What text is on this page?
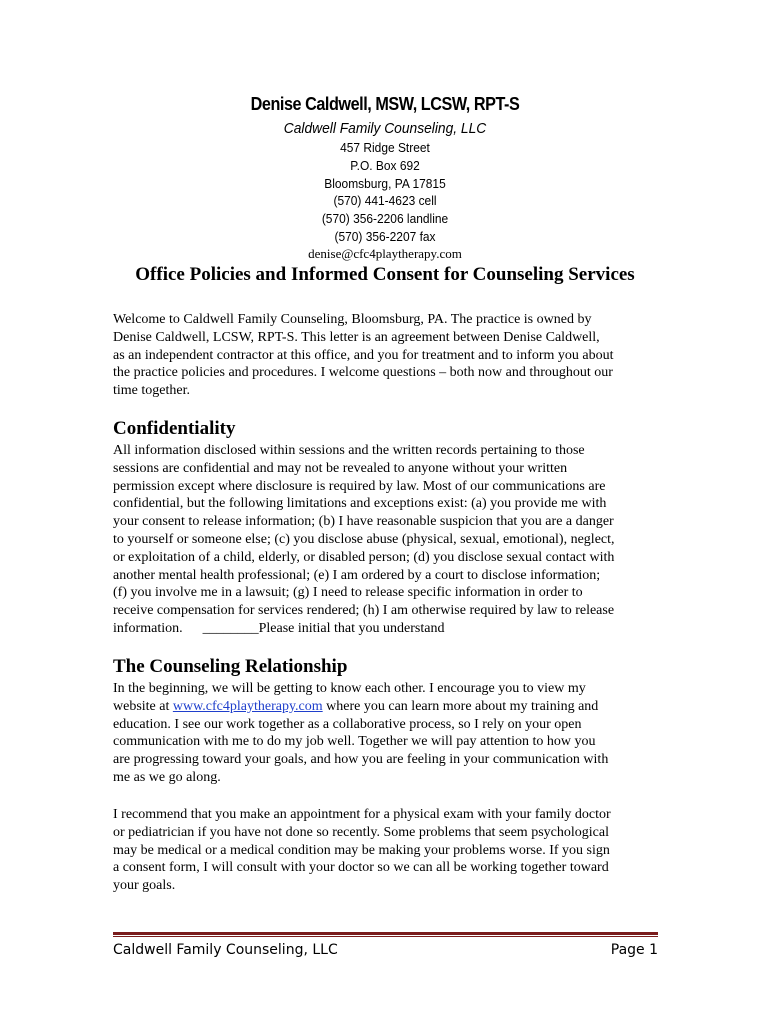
Denise Caldwell, MSW, LCSW, RPT-S
Caldwell Family Counseling, LLC
457 Ridge Street
P.O. Box 692
Bloomsburg, PA 17815
(570) 441-4623 cell
(570) 356-2206 landline
(570) 356-2207 fax
denise@cfc4playtherapy.com
Office Policies and Informed Consent for Counseling Services
Welcome to Caldwell Family Counseling, Bloomsburg, PA. The practice is owned by
Denise Caldwell, LCSW, RPT-S. This letter is an agreement between Denise Caldwell,
as an independent contractor at this office, and you for treatment and to inform you about
the practice policies and procedures. I welcome questions – both now and throughout our
time together.
Confidentiality
All information disclosed within sessions and the written records pertaining to those
sessions are confidential and may not be revealed to anyone without your written
permission except where disclosure is required by law. Most of our communications are
confidential, but the following limitations and exceptions exist: (a) you provide me with
your consent to release information; (b) I have reasonable suspicion that you are a danger
to yourself or someone else; (c) you disclose abuse (physical, sexual, emotional), neglect,
or exploitation of a child, elderly, or disabled person; (d) you disclose sexual contact with
another mental health professional; (e) I am ordered by a court to disclose information;
(f) you involve me in a lawsuit; (g) I need to release specific information in order to
receive compensation for services rendered; (h) I am otherwise required by law to release
information. ________Please initial that you understand
The Counseling Relationship
In the beginning, we will be getting to know each other. I encourage you to view my
website at www.cfc4playtherapy.com where you can learn more about my training and
education. I see our work together as a collaborative process, so I rely on your open
communication with me to do my job well. Together we will pay attention to how you
are progressing toward your goals, and how you are feeling in your communication with
me as we go along.
I recommend that you make an appointment for a physical exam with your family doctor
or pediatrician if you have not done so recently. Some problems that seem psychological
may be medical or a medical condition may be making your problems worse. If you sign
a consent form, I will consult with your doctor so we can all be working together toward
your goals.
Caldwell Family Counseling, LLC	Page 1
